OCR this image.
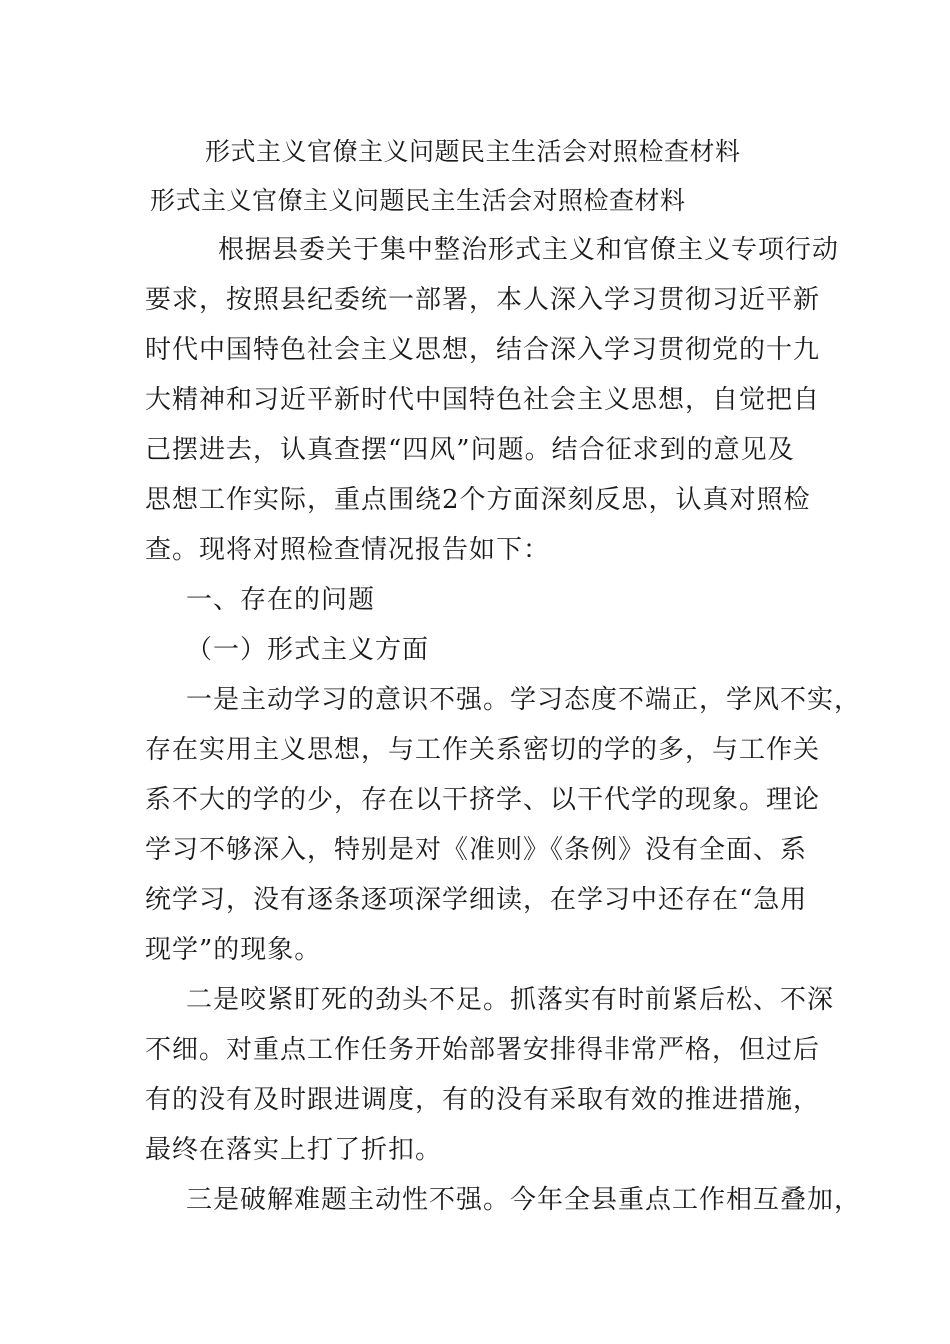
形式主义官僚主义问题民主生活会对照检查材料
形式主义官僚主义问题民主生活会对照检查材料
根据县委关于集中整治形式主义和官僚主义专项行动
要求，按照县纪委统一部署，本人深入学习贯彻习近平新
时代中国特色社会主义思想，结合深入学习贯彻党的十九
大精神和习近平新时代中国特色社会主义思想，自觉把自
己摆进去，认真查摆“四风”问题。结合征求到的意见及
思想工作实际，重点围绕2个方面深刻反思，认真对照检
查。现将对照检查情况报告如下：
一、存在的问题
（一）形式主义方面
一是主动学习的意识不强。学习态度不端正，学风不实，
存在实用主义思想，与工作关系密切的学的多，与工作关
系不大的学的少，存在以干挤学、以干代学的现象。理论
学习不够深入，特别是对《准则》《条例》没有全面、系
统学习，没有逐条逐项深学细读，在学习中还存在“急用
现学”的现象。
二是咬紧盯死的劲头不足。抓落实有时前紧后松、不深
不细。对重点工作任务开始部署安排得非常严格，但过后
有的没有及时跟进调度，有的没有采取有效的推进措施，
最终在落实上打了折扣。
三是破解难题主动性不强。今年全县重点工作相互叠加，
